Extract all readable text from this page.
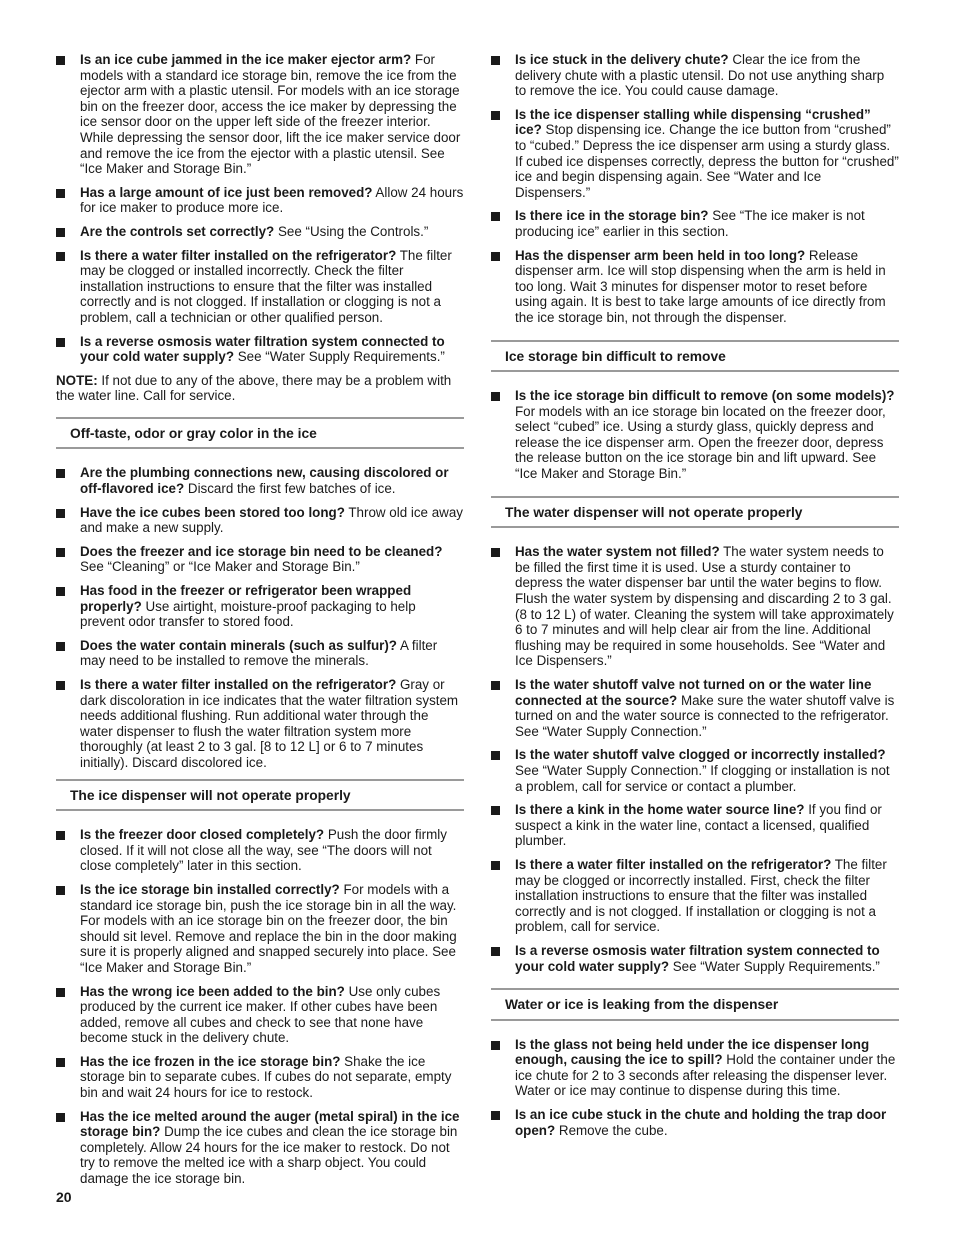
Is an ice cube jammed in the ice maker ejector arm? For models with a standard ice storage bin, remove the ice from the ejector arm with a plastic utensil. For models with an ice storage bin on the freezer door, access the ice maker by depressing the ice sensor door on the upper left side of the freezer interior. While depressing the sensor door, lift the ice maker service door and remove the ice from the ejector with a plastic utensil. See “Ice Maker and Storage Bin.”
Has a large amount of ice just been removed? Allow 24 hours for ice maker to produce more ice.
Are the controls set correctly? See “Using the Controls.”
Is there a water filter installed on the refrigerator? The filter may be clogged or installed incorrectly. Check the filter installation instructions to ensure that the filter was installed correctly and is not clogged. If installation or clogging is not a problem, call a technician or other qualified person.
Is a reverse osmosis water filtration system connected to your cold water supply? See “Water Supply Requirements.”
NOTE: If not due to any of the above, there may be a problem with the water line. Call for service.
Off-taste, odor or gray color in the ice
Are the plumbing connections new, causing discolored or off-flavored ice? Discard the first few batches of ice.
Have the ice cubes been stored too long? Throw old ice away and make a new supply.
Does the freezer and ice storage bin need to be cleaned? See “Cleaning” or “Ice Maker and Storage Bin.”
Has food in the freezer or refrigerator been wrapped properly? Use airtight, moisture-proof packaging to help prevent odor transfer to stored food.
Does the water contain minerals (such as sulfur)? A filter may need to be installed to remove the minerals.
Is there a water filter installed on the refrigerator? Gray or dark discoloration in ice indicates that the water filtration system needs additional flushing. Run additional water through the water dispenser to flush the water filtration system more thoroughly (at least 2 to 3 gal. [8 to 12 L] or 6 to 7 minutes initially). Discard discolored ice.
The ice dispenser will not operate properly
Is the freezer door closed completely? Push the door firmly closed. If it will not close all the way, see “The doors will not close completely” later in this section.
Is the ice storage bin installed correctly? For models with a standard ice storage bin, push the ice storage bin in all the way. For models with an ice storage bin on the freezer door, the bin should sit level. Remove and replace the bin in the door making sure it is properly aligned and snapped securely into place. See “Ice Maker and Storage Bin.”
Has the wrong ice been added to the bin? Use only cubes produced by the current ice maker. If other cubes have been added, remove all cubes and check to see that none have become stuck in the delivery chute.
Has the ice frozen in the ice storage bin? Shake the ice storage bin to separate cubes. If cubes do not separate, empty bin and wait 24 hours for ice to restock.
Has the ice melted around the auger (metal spiral) in the ice storage bin? Dump the ice cubes and clean the ice storage bin completely. Allow 24 hours for the ice maker to restock. Do not try to remove the melted ice with a sharp object. You could damage the ice storage bin.
Is ice stuck in the delivery chute? Clear the ice from the delivery chute with a plastic utensil. Do not use anything sharp to remove the ice. You could cause damage.
Is the ice dispenser stalling while dispensing “crushed” ice? Stop dispensing ice. Change the ice button from “crushed” to “cubed.” Depress the ice dispenser arm using a sturdy glass. If cubed ice dispenses correctly, depress the button for “crushed” ice and begin dispensing again. See “Water and Ice Dispensers.”
Is there ice in the storage bin? See “The ice maker is not producing ice” earlier in this section.
Has the dispenser arm been held in too long? Release dispenser arm. Ice will stop dispensing when the arm is held in too long. Wait 3 minutes for dispenser motor to reset before using again. It is best to take large amounts of ice directly from the ice storage bin, not through the dispenser.
Ice storage bin difficult to remove
Is the ice storage bin difficult to remove (on some models)? For models with an ice storage bin located on the freezer door, select “cubed” ice. Using a sturdy glass, quickly depress and release the ice dispenser arm. Open the freezer door, depress the release button on the ice storage bin and lift upward. See “Ice Maker and Storage Bin.”
The water dispenser will not operate properly
Has the water system not filled? The water system needs to be filled the first time it is used. Use a sturdy container to depress the water dispenser bar until the water begins to flow. Flush the water system by dispensing and discarding 2 to 3 gal. (8 to 12 L) of water. Cleaning the system will take approximately 6 to 7 minutes and will help clear air from the line. Additional flushing may be required in some households. See “Water and Ice Dispensers.”
Is the water shutoff valve not turned on or the water line connected at the source? Make sure the water shutoff valve is turned on and the water source is connected to the refrigerator. See “Water Supply Connection.”
Is the water shutoff valve clogged or incorrectly installed? See “Water Supply Connection.” If clogging or installation is not a problem, call for service or contact a plumber.
Is there a kink in the home water source line? If you find or suspect a kink in the water line, contact a licensed, qualified plumber.
Is there a water filter installed on the refrigerator? The filter may be clogged or incorrectly installed. First, check the filter installation instructions to ensure that the filter was installed correctly and is not clogged. If installation or clogging is not a problem, call for service.
Is a reverse osmosis water filtration system connected to your cold water supply? See “Water Supply Requirements.”
Water or ice is leaking from the dispenser
Is the glass not being held under the ice dispenser long enough, causing the ice to spill? Hold the container under the ice chute for 2 to 3 seconds after releasing the dispenser lever. Water or ice may continue to dispense during this time.
Is an ice cube stuck in the chute and holding the trap door open? Remove the cube.
20
